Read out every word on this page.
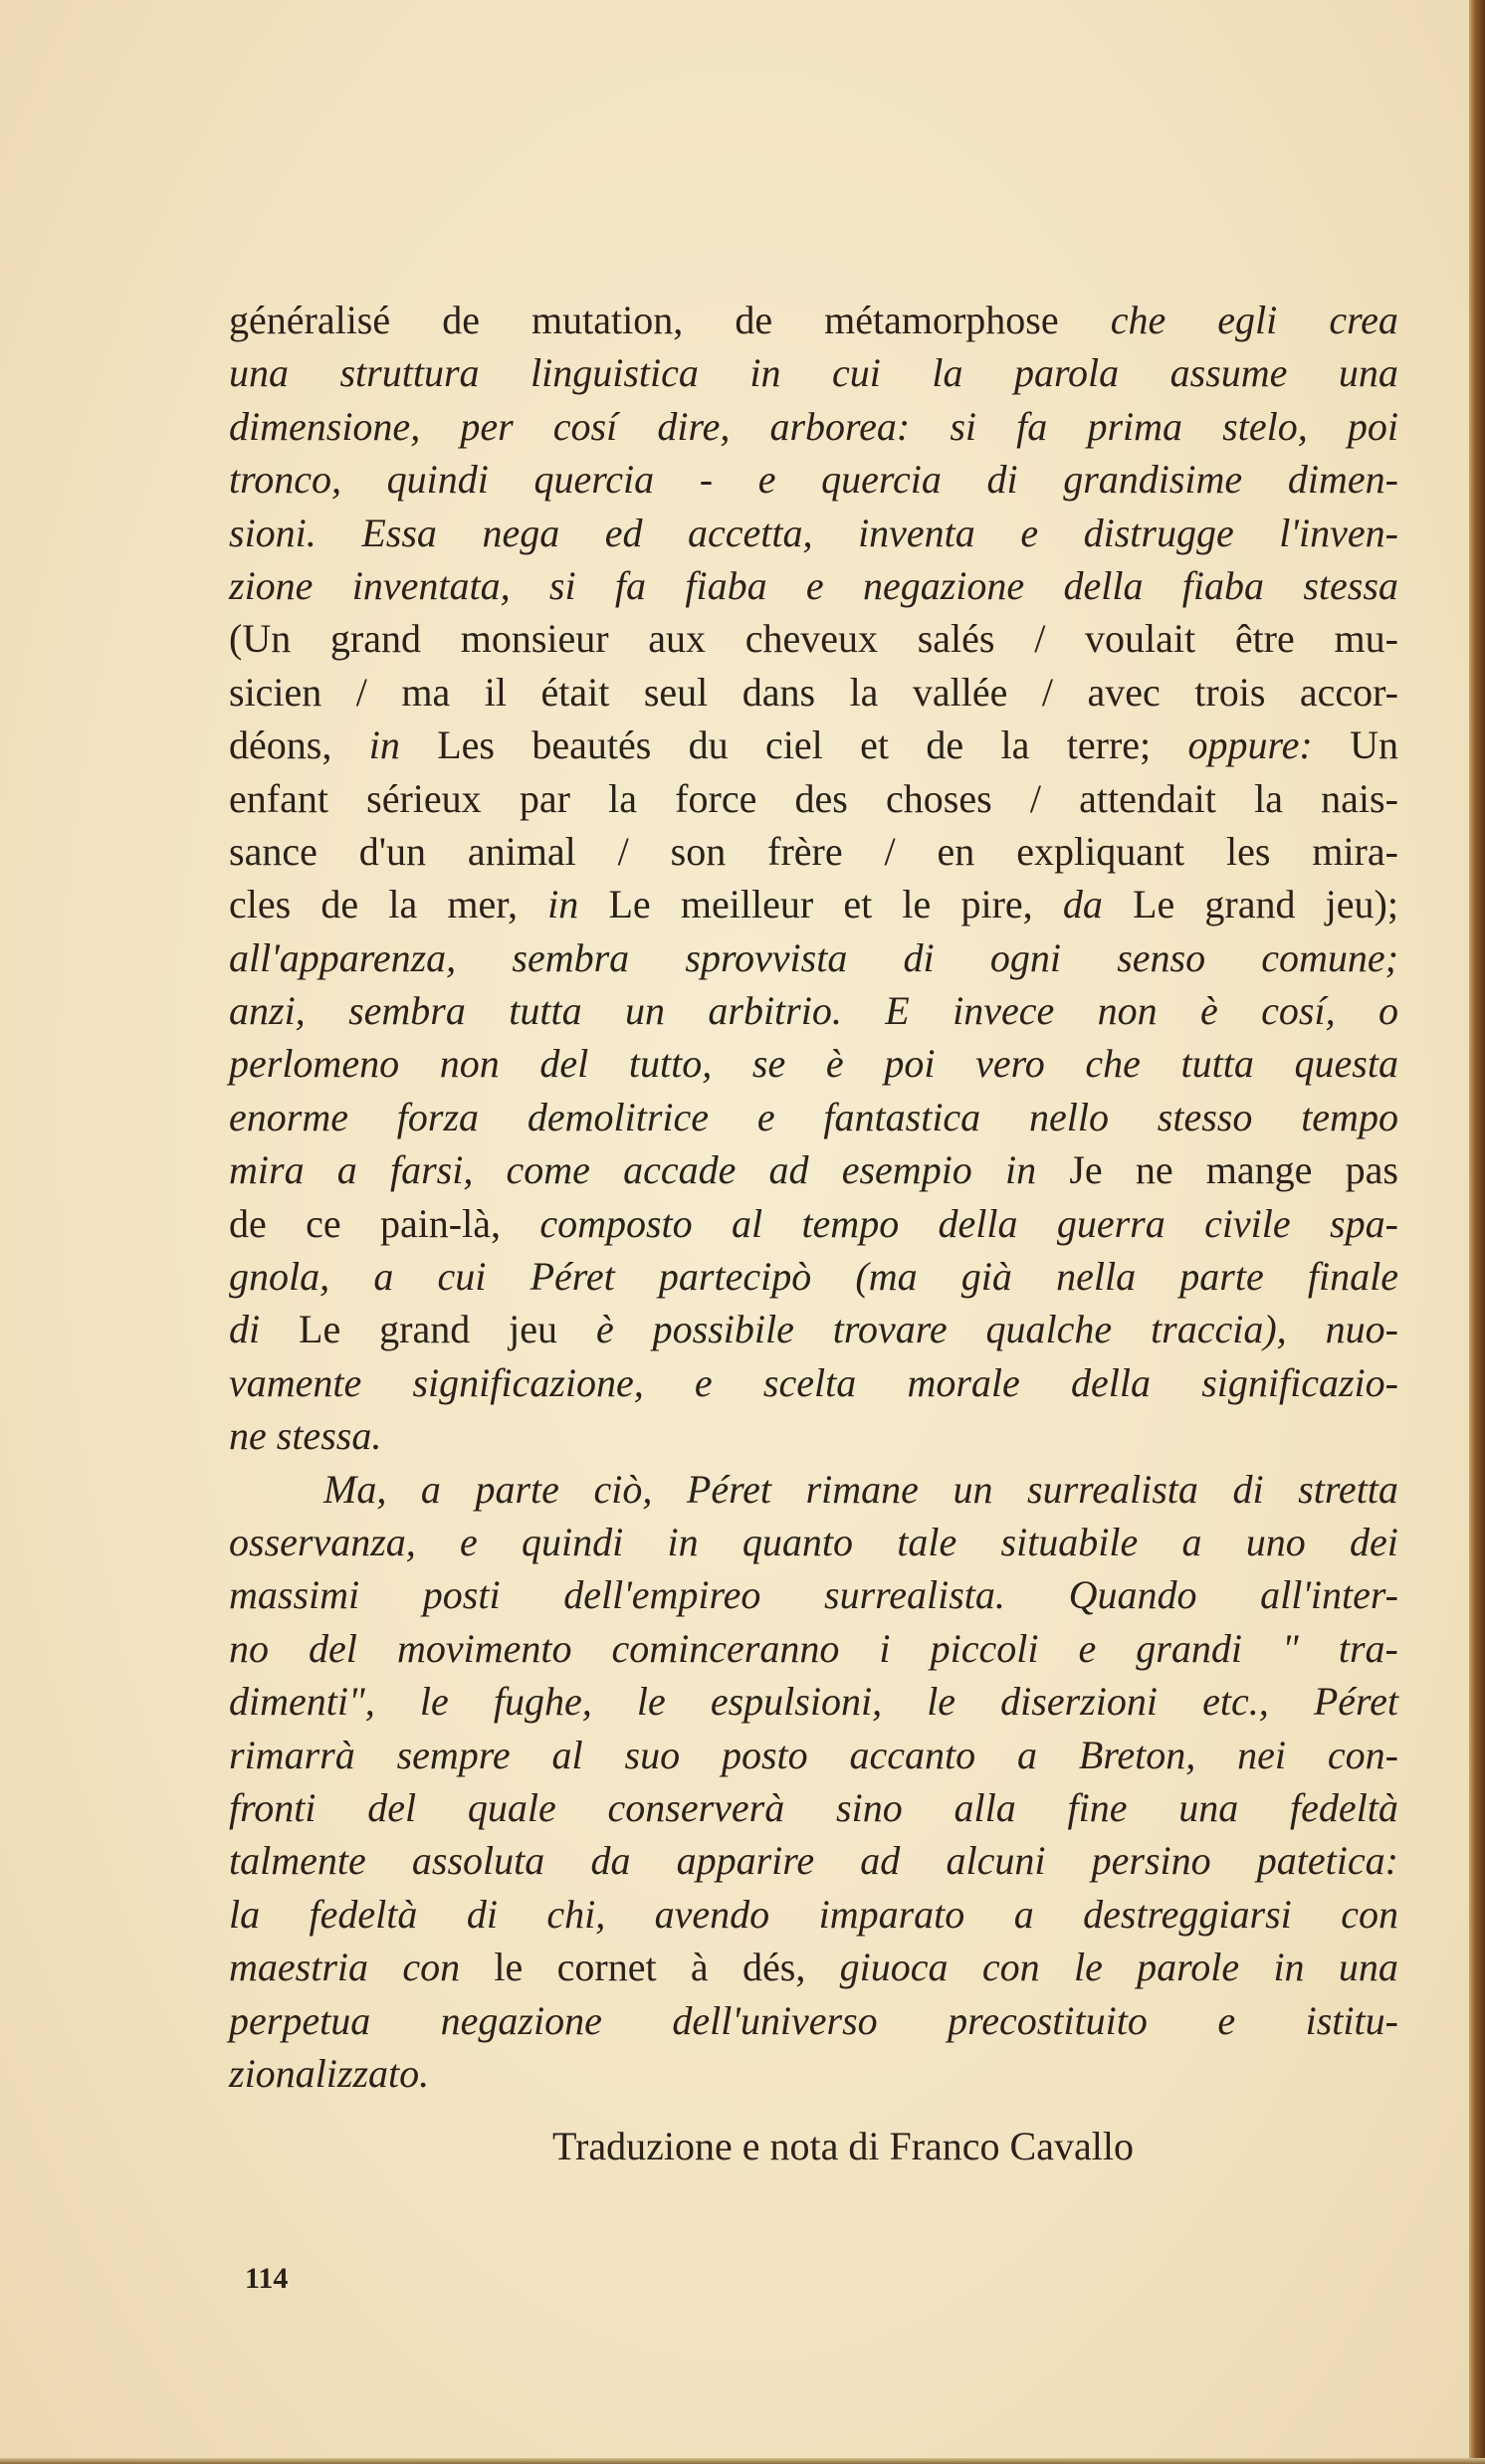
généralisé de mutation, de métamorphose che egli crea
una struttura linguistica in cui la parola assume una
dimensione, per cosí dire, arborea: si fa prima stelo, poi
tronco, quindi quercia - e quercia di grandisime dimen-
sioni. Essa nega ed accetta, inventa e distrugge l'inven-
zione inventata, si fa fiaba e negazione della fiaba stessa
(Un grand monsieur aux cheveux salés / voulait être mu-
sicien / ma il était seul dans la vallée / avec trois accor-
déons, in Les beautés du ciel et de la terre; oppure: Un
enfant sérieux par la force des choses / attendait la nais-
sance d'un animal / son frère / en expliquant les mira-
cles de la mer, in Le meilleur et le pire, da Le grand jeu);
all'apparenza, sembra sprovvista di ogni senso comune;
anzi, sembra tutta un arbitrio. E invece non è cosí, o
perlomeno non del tutto, se è poi vero che tutta questa
enorme forza demolitrice e fantastica nello stesso tempo
mira a farsi, come accade ad esempio in Je ne mange pas
de ce pain-là, composto al tempo della guerra civile spa-
gnola, a cui Péret partecipò (ma già nella parte finale
di Le grand jeu è possibile trovare qualche traccia), nuo-
vamente significazione, e scelta morale della significazio-
ne stessa.
Ma, a parte ciò, Péret rimane un surrealista di stretta
osservanza, e quindi in quanto tale situabile a uno dei
massimi posti dell'empireo surrealista. Quando all'inter-
no del movimento cominceranno i piccoli e grandi " tra-
dimenti", le fughe, le espulsioni, le diserzioni etc., Péret
rimarrà sempre al suo posto accanto a Breton, nei con-
fronti del quale conserverà sino alla fine una fedeltà
talmente assoluta da apparire ad alcuni persino patetica:
la fedeltà di chi, avendo imparato a destreggiarsi con
maestria con le cornet à dés, giuoca con le parole in una
perpetua negazione dell'universo precostituito e istitu-
zionalizzato.
Traduzione e nota di Franco Cavallo
114
